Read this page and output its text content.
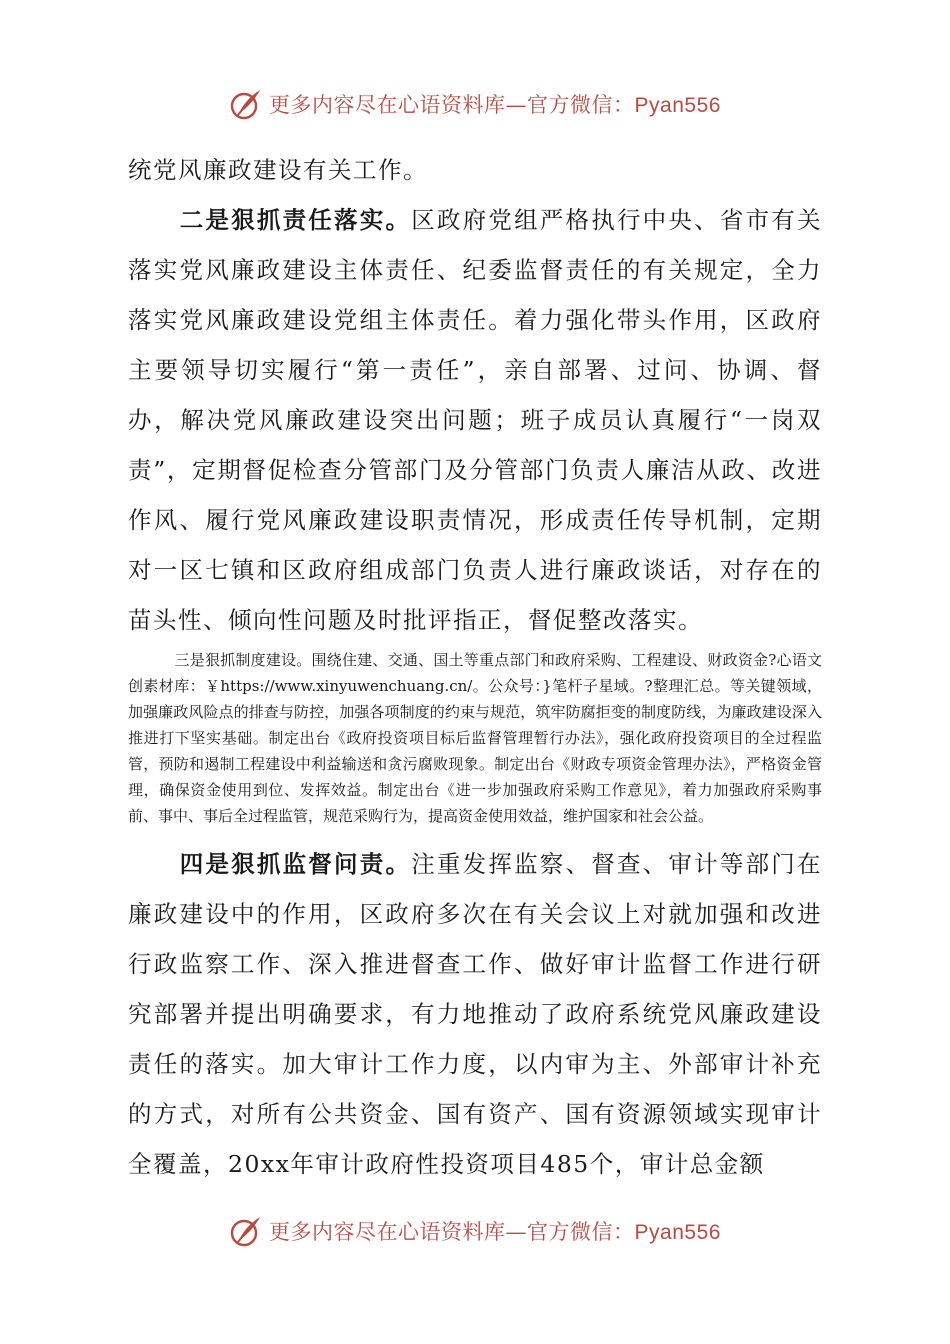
更多内容尽在心语资料库—官方微信：Pyan556

统党风廉政建设有关工作。

二是狠抓责任落实。区政府党组严格执行中央、省市有关落实党风廉政建设主体责任、纪委监督责任的有关规定，全力落实党风廉政建设党组主体责任。着力强化带头作用，区政府主要领导切实履行“第一责任”，亲自部署、过问、协调、督办，解决党风廉政建设突出问题；班子成员认真履行“一岗双责”，定期督促检查分管部门及分管部门负责人廉洁从政、改进作风、履行党风廉政建设职责情况，形成责任传导机制，定期对一区七镇和区政府组成部门负责人进行廉政谈话，对存在的苗头性、倾向性问题及时批评指正，督促整改落实。

三是狠抓制度建设。围绕住建、交通、国土等重点部门和政府采购、工程建设、财政资金?心语文创素材库：￥https://www.xinyuwenchuang.cn/。公众号：}笔杆子星域。?整理汇总。等关键领域，加强廉政风险点的排查与防控，加强各项制度的约束与规范，筑牢防腐拒变的制度防线，为廉政建设深入推进打下坚实基础。制定出台《政府投资项目标后监督管理暂行办法》，强化政府投资项目的全过程监管，预防和遏制工程建设中利益输送和贪污腐败现象。制定出台《财政专项资金管理办法》，严格资金管理，确保资金使用到位、发挥效益。制定出台《进一步加强政府采购工作意见》，着力加强政府采购事前、事中、事后全过程监管，规范采购行为，提高资金使用效益，维护国家和社会公益。

四是狠抓监督问责。注重发挥监察、督查、审计等部门在廉政建设中的作用，区政府多次在有关会议上对就加强和改进行政监察工作、深入推进督查工作、做好审计监督工作进行研究部署并提出明确要求，有力地推动了政府系统党风廉政建设责任的落实。加大审计工作力度，以内审为主、外部审计补充的方式，对所有公共资金、国有资产、国有资源领域实现审计全覆盖，20xx年审计政府性投资项目485个，审计总金额

更多内容尽在心语资料库—官方微信：Pyan556
